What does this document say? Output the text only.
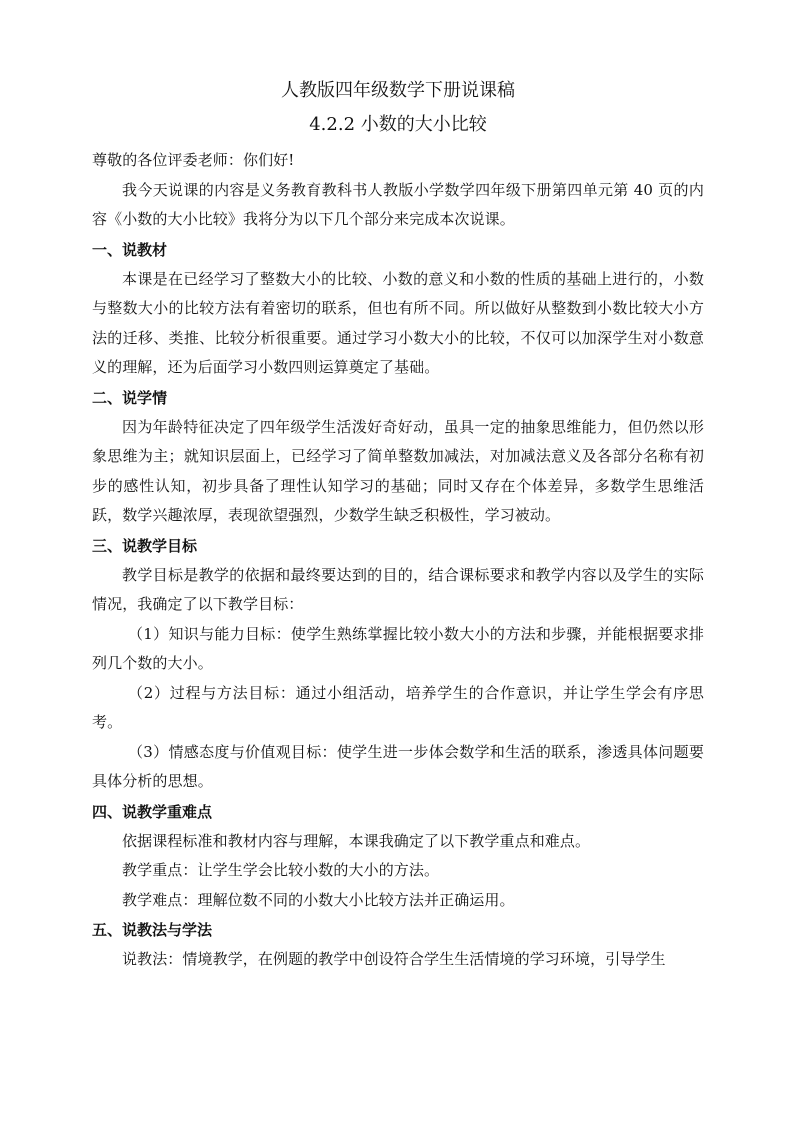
人教版四年级数学下册说课稿
4.2.2 小数的大小比较

尊敬的各位评委老师：你们好!

我今天说课的内容是义务教育教科书人教版小学数学四年级下册第四单元第 40 页的内容《小数的大小比较》我将分为以下几个部分来完成本次说课。

一、说教材

本课是在已经学习了整数大小的比较、小数的意义和小数的性质的基础上进行的，小数与整数大小的比较方法有着密切的联系，但也有所不同。所以做好从整数到小数比较大小方法的迁移、类推、比较分析很重要。通过学习小数大小的比较，不仅可以加深学生对小数意义的理解，还为后面学习小数四则运算奠定了基础。

二、说学情

因为年龄特征决定了四年级学生活泼好奇好动，虽具一定的抽象思维能力，但仍然以形象思维为主；就知识层面上，已经学习了简单整数加减法，对加减法意义及各部分名称有初步的感性认知，初步具备了理性认知学习的基础；同时又存在个体差异，多数学生思维活跃，数学兴趣浓厚，表现欲望强烈，少数学生缺乏积极性，学习被动。

三、说教学目标

教学目标是教学的依据和最终要达到的目的，结合课标要求和教学内容以及学生的实际情况，我确定了以下教学目标：

（1）知识与能力目标：使学生熟练掌握比较小数大小的方法和步骤，并能根据要求排列几个数的大小。

（2）过程与方法目标：通过小组活动，培养学生的合作意识，并让学生学会有序思考。

（3）情感态度与价值观目标：使学生进一步体会数学和生活的联系，渗透具体问题要具体分析的思想。

四、说教学重难点

依据课程标准和教材内容与理解，本课我确定了以下教学重点和难点。

教学重点：让学生学会比较小数的大小的方法。

教学难点：理解位数不同的小数大小比较方法并正确运用。

五、说教法与学法

说教法：情境教学，在例题的教学中创设符合学生生活情境的学习环境，引导学生
